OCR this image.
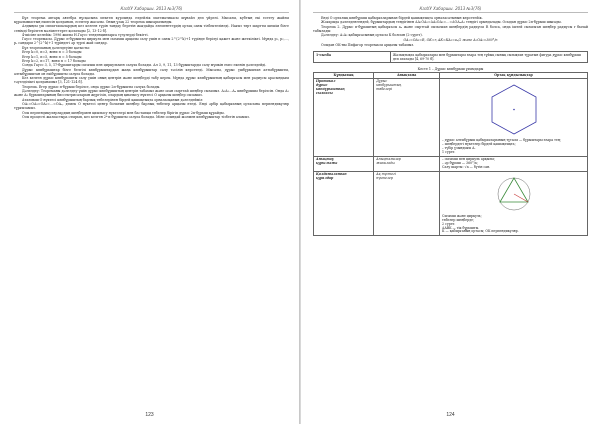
КазҰУ Хабаршы. 2013 №3(76)

Бұл теорема автарқ автебра нұсқасына мектеп курсында елдейлік математикаcы шұнайл деп үйрелі. Мысалы, кубтың екі есетеу жайлы кұралымыстың екмесін қолданып, есептер жасалы. Оның ұзақ 22 теорема шығарылынды.

Алдыңғы үш сипаттамалардың кез келген түрін таңдау беретін жағдайда элементтердің ортақ саны тізбектелінеді. Нағыз төрт шартты шешім бізге сенімді берілген мәліметтерге қосылады [2, 13-12 б].

4-шісіне келейік: 1996 жылы Н.Гаусс тенденцияларға түзулерді бекітті.

Гаусс теоремасы. Дұрыс п-бұрышты циркуль мен сызғыш арқылы салу үшін п саны 2^(2^k)+1 түрінде берілуі қажет және жеткілікті. Мұнда p₁, p₂,…, pₛ сандары 2^(2^k)+1 түріндегі әр түрлі жай сандар.

Бұл теореманың дәлелдеуіне қатысты:

Егер k=0, п=3, яғни п = 3 болады

Егер k=1, п=5, яғни п = 5 болады

Егер k=2, п=17, яғни п = 17 болады

Сонда Гаусс 3, 5, 17-бұрыштарды сызғыш пен циркульмен салуға болады. Ал 3, 9, 11, 13 бұрыштарды салу мүмкін емес екенін дәлелдейді.

Дұрыс көпбұрыштар бізге белгілі көпбұрыштардан жаңа көпбұрыштар салу тәсілін көрсетеді. Мысалы, дұрыс үшбұрыштан алтыбұрышты, алтыбұрыштан он екібұрышты салуға болады.

Кез келген дұрыс көпбұрышты салу үшін оның центрін және шеңберді табу керек. Мұнда дұрыс көпбұрыштың қабырғасы мен радиусы арасындағы тәуелділікті қолданамыз [3, 121-124 б].

Теорема. Егер дұрыс п-бұрыш берілсе, онда дұрыс 2п-бұрышты салуға болады.

Дәлелдеу: Теореманы дәлелдеу үшін дұрыс көпбұрыштың центрін табамыз және оған сырттай шеңбер сызамыз. А₁А₂…Аₙ көпбұрышы берілсін. Онда А₁ және А₂ бұрыштарының биссектрисаларын жүргізіп, олардың қиылысу нүктесі О арқылы шеңбер сызамыз.

Аталмыш О нүктесі көпбұрыштың барлық төбелерінен бірдей қашықтықта орналасқанын дәлелдейміз:

ОА₁=ОА₂=ОА₃=…=ОАₙ, демек О нүктесі центр болатын шеңбер барлық төбелер арқылы өтеді. Енді әрбір қабырғаның ортасына перпендикуляр тұрғызамыз.

Осы перпендикулярлардың шеңбермен қиылысу нүктелері мен бастапқы төбелер бірігіп дұрыс 2п-бұрыш құрайды.

Осы процесті жалғастыра отырып, кез келген 2ᵏ·п бұрышты салуға болады. Міне осындай жолмен көпбұрыштар тізбегін аламыз.

123
КазҰУ Хабаршы. 2013 №3(76)

Енді О орталық көпбұрыш қабырғаларынан бірдей қашықтықта орналасатынын көрсетейік.

Жоғарыда дәлелденгендей, бұрыштардың теңдігінен ΔА₁ОА₂=ΔА₂ОА₃=…=ΔОАₙА₁ теңдігі орындалады. Осыдан дұрыс 2п-бұрыш шығады.

Теорема 2. Дұрыс п-бұрыштың қабырғасы aₙ және сырттай сызылған шеңбердің радиусы R болса, онда іштей сызылған шеңбер радиусы r былай табылады:

Дәлелдеу: А₁А₂ қабырғасының ортасы К болсын (2-сурет).

ОА₁=ОА₂=R, ОК=r, АК=КА₂=aₙ/2 және А₁ОА₂=360°/n

Осыдан ОК-ны Пифагор теоремасы арқылы табамыз.

1-сызба	Жазықтықта қабырғалары мен бұрыштары өзара тең тұйық сынық сызықтан тұратын фигура дұрыс көпбұрыш деп аталады [4, 69-70 б].
Кесте 1 – Дұрыс көпбұрыш ұғымдары
Құндылық	Анықтама	Ортақ құндылықтар
Протокол
дұрыс
көпбұрыштың
сызбасы	Дұрыс
көпбұрыштың
төбелері	– дұрыс алтыбұрыш қабырғаларының тұтасы — бұрыштары өзара тең;
– шеңбердегі нүктелер бірдей қашықтықта;
– түбір ұзындығы А.
1 сурет.
Анықтау
құрылымы	Анықтамалар
жазылады	– сызғыш пен циркуль арқылы;
– әр бұрыш — 360°/n;
Салу шарты: √n — бүтін сан.
Қолданылатын
құралдар	Ақ түстегі
нүктелер	Сызғыш және циркуль;
төбелер шеңберде;
2 сурет.
ΔАВК — тік бұрышты.
К — қабырғаның ортасы; ОК перпендикуляр.
124
